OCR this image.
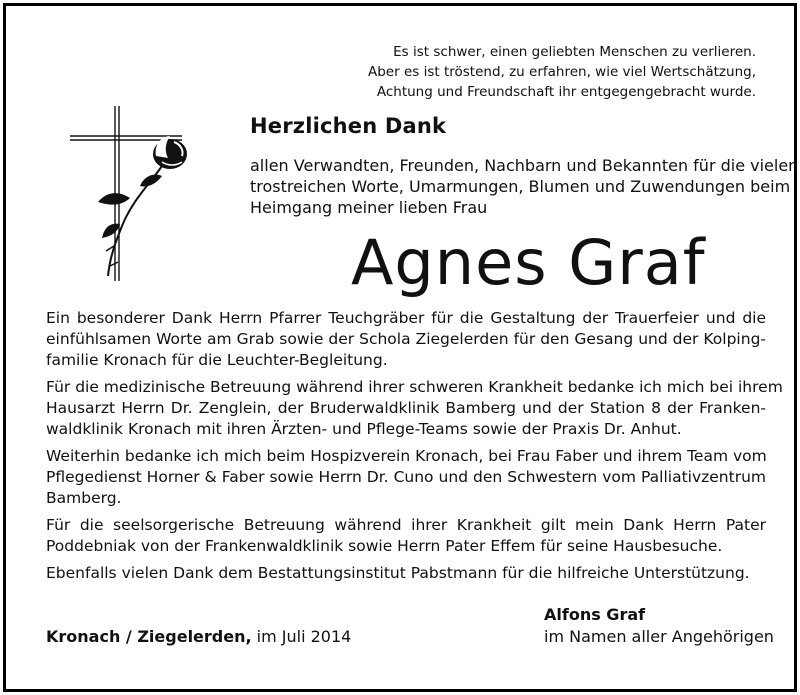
Es ist schwer, einen geliebten Menschen zu verlieren.
Aber es ist tröstend, zu erfahren, wie viel Wertschätzung,
Achtung und Freundschaft ihr entgegengebracht wurde.
Herzlichen Dank
allen Verwandten, Freunden, Nachbarn und Bekannten für die vielen
trostreichen Worte, Umarmungen, Blumen und Zuwendungen beim
Heimgang meiner lieben Frau
Agnes Graf
Ein besonderer Dank Herrn Pfarrer Teuchgräber für die Gestaltung der Trauerfeier und die
einfühlsamen Worte am Grab sowie der Schola Ziegelerden für den Gesang und der Kolping-
familie Kronach für die Leuchter-Begleitung.
Für die medizinische Betreuung während ihrer schweren Krankheit bedanke ich mich bei ihrem
Hausarzt Herrn Dr. Zenglein, der Bruderwaldklinik Bamberg und der Station 8 der Franken-
waldklinik Kronach mit ihren Ärzten- und Pflege-Teams sowie der Praxis Dr. Anhut.
Weiterhin bedanke ich mich beim Hospizverein Kronach, bei Frau Faber und ihrem Team vom
Pflegedienst Horner & Faber sowie Herrn Dr. Cuno und den Schwestern vom Palliativzentrum
Bamberg.
Für die seelsorgerische Betreuung während ihrer Krankheit gilt mein Dank Herrn Pater
Poddebniak von der Frankenwaldklinik sowie Herrn Pater Effem für seine Hausbesuche.
Ebenfalls vielen Dank dem Bestattungsinstitut Pabstmann für die hilfreiche Unterstützung.
Kronach / Ziegelerden, im Juli 2014
Alfons Graf
im Namen aller Angehörigen
